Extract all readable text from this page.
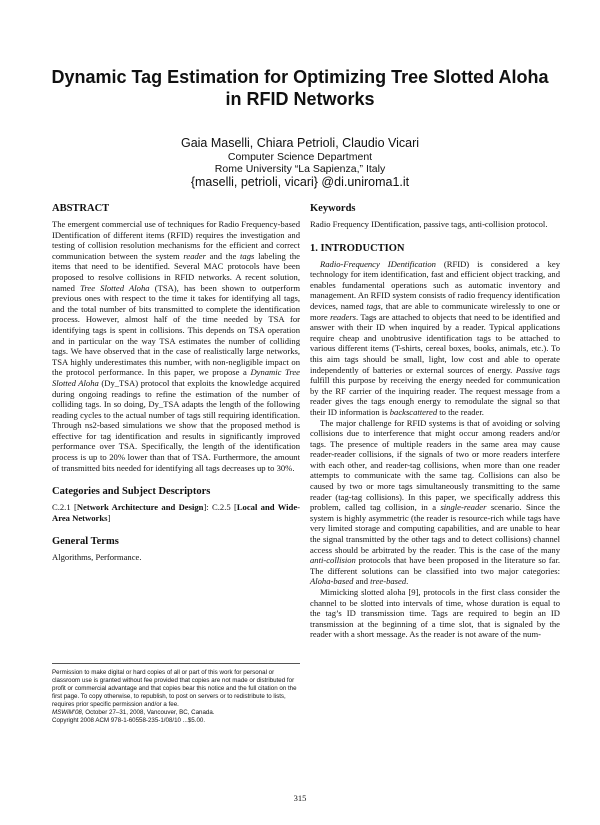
Dynamic Tag Estimation for Optimizing Tree Slotted Aloha
in RFID Networks
Gaia Maselli, Chiara Petrioli, Claudio Vicari
Computer Science Department
Rome University “La Sapienza,” Italy
{maselli, petrioli, vicari} @di.uniroma1.it
ABSTRACT

The emergent commercial use of techniques for Radio Frequency-based IDentification of different items (RFID) requires the investigation and testing of collision resolution mechanisms for the efficient and correct communication between the system reader and the tags labeling the items that need to be identified. Several MAC protocols have been proposed to resolve collisions in RFID networks. A recent solution, named Tree Slotted Aloha (TSA), has been shown to outperform previous ones with respect to the time it takes for identifying all tags, and the total number of bits transmitted to complete the identification process. However, almost half of the time needed by TSA for identifying tags is spent in collisions. This depends on TSA operation and in particular on the way TSA estimates the number of colliding tags. We have observed that in the case of realistically large networks, TSA highly underestimates this number, with non-negligible impact on the protocol performance. In this paper, we propose a Dynamic Tree Slotted Aloha (Dy_TSA) protocol that exploits the knowledge acquired during ongoing readings to refine the estimation of the number of colliding tags. In so doing, Dy_TSA adapts the length of the following reading cycles to the actual number of tags still requiring identification. Through ns2-based simulations we show that the proposed method is effective for tag identification and results in significantly improved performance over TSA. Specifically, the length of the identification process is up to 20% lower than that of TSA. Furthermore, the amount of transmitted bits needed for identifying all tags decreases up to 30%.

Categories and Subject Descriptors

C.2.1 [Network Architecture and Design]: C.2.5 [Local and Wide-Area Networks]

General Terms

Algorithms, Performance.

Permission to make digital or hard copies of all or part of this work for personal or classroom use is granted without fee provided that copies are not made or distributed for profit or commercial advantage and that copies bear this notice and the full citation on the first page. To copy otherwise, to republish, to post on servers or to redistribute to lists, requires prior specific permission and/or a fee.
MSWiM’08, October 27–31, 2008, Vancouver, BC, Canada.
Copyright 2008 ACM 978-1-60558-235-1/08/10 ...$5.00.
Keywords

Radio Frequency IDentification, passive tags, anti-collision protocol.

1. INTRODUCTION

Radio-Frequency IDentification (RFID) is considered a key technology for item identification, fast and efficient object tracking, and enables fundamental operations such as automatic inventory and management. An RFID system consists of radio frequency identification devices, named tags, that are able to communicate wirelessly to one or more readers. Tags are attached to objects that need to be identified and answer with their ID when inquired by a reader. Typical applications require cheap and unobtrusive identification tags to be attached to various different items (T-shirts, cereal boxes, books, animals, etc.). To this aim tags should be small, light, low cost and able to operate independently of batteries or external sources of energy. Passive tags fulfill this purpose by receiving the energy needed for communication by the RF carrier of the inquiring reader. The request message from a reader gives the tags enough energy to remodulate the signal so that their ID information is backscattered to the reader.

The major challenge for RFID systems is that of avoiding or solving collisions due to interference that might occur among readers and/or tags. The presence of multiple readers in the same area may cause reader-reader collisions, if the signals of two or more readers interfere with each other, and reader-tag collisions, when more than one reader attempts to communicate with the same tag. Collisions can also be caused by two or more tags simultaneously transmitting to the same reader (tag-tag collisions). In this paper, we specifically address this problem, called tag collision, in a single-reader scenario. Since the system is highly asymmetric (the reader is resource-rich while tags have very limited storage and computing capabilities, and are unable to hear the signal transmitted by the other tags and to detect collisions) channel access should be arbitrated by the reader. This is the case of the many anti-collision protocols that have been proposed in the literature so far. The different solutions can be classified into two major categories: Aloha-based and tree-based.

Mimicking slotted aloha [9], protocols in the first class consider the channel to be slotted into intervals of time, whose duration is equal to the tag’s ID transmission time. Tags are required to begin an ID transmission at the beginning of a time slot, that is signaled by the reader with a short message. As the reader is not aware of the num-

315
